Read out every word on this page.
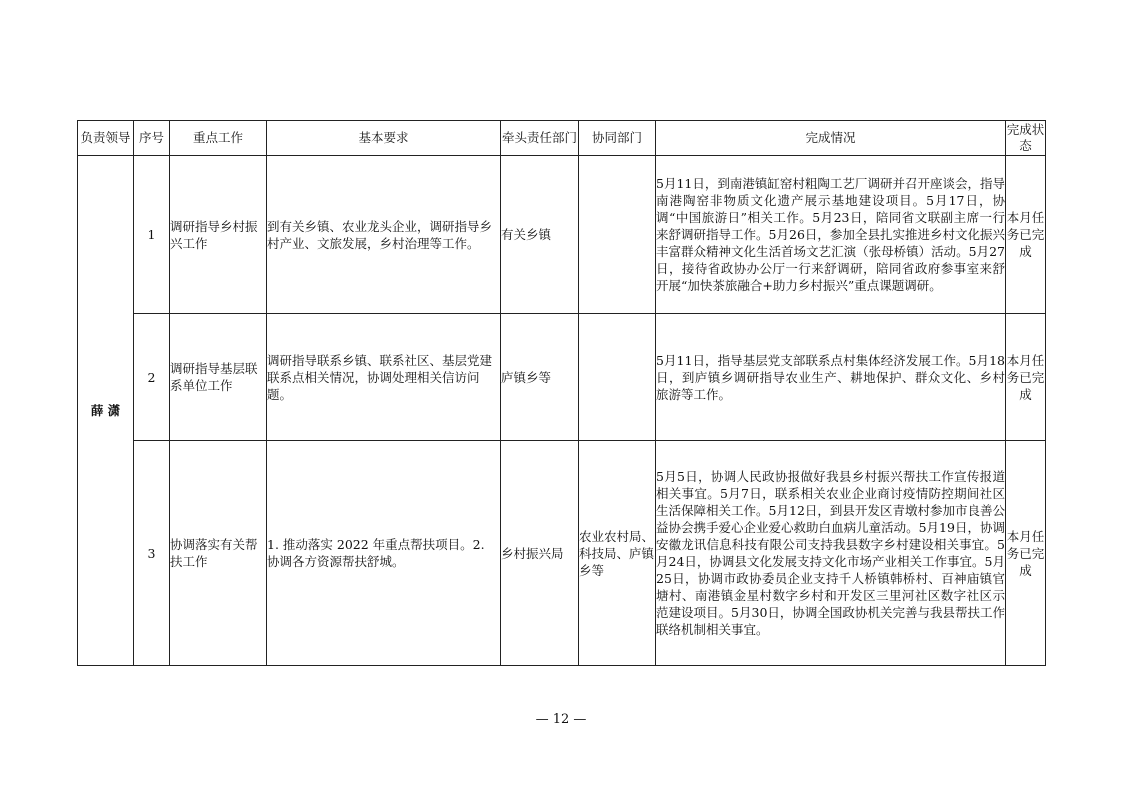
负责领导	序号	重点工作	基本要求	牵头责任部门	协同部门	完成情况	完成状态
薛 潇	1	调研指导乡村振兴工作	到有关乡镇、农业龙头企业，调研指导乡村产业、文旅发展，乡村治理等工作。	有关乡镇		5月11日，到南港镇缸窑村粗陶工艺厂调研并召开座谈会，指导南港陶窑非物质文化遗产展示基地建设项目。5月17日，协调“中国旅游日”相关工作。5月23日，陪同省文联副主席一行来舒调研指导工作。5月26日，参加全县扎实推进乡村文化振兴丰富群众精神文化生活首场文艺汇演（张母桥镇）活动。5月27日，接待省政协办公厅一行来舒调研，陪同省政府参事室来舒开展“加快茶旅融合+助力乡村振兴”重点课题调研。	本月任务已完成
	2	调研指导基层联系单位工作	调研指导联系乡镇、联系社区、基层党建联系点相关情况，协调处理相关信访问题。	庐镇乡等		5月11日，指导基层党支部联系点村集体经济发展工作。5月18日，到庐镇乡调研指导农业生产、耕地保护、群众文化、乡村旅游等工作。	本月任务已完成
	3	协调落实有关帮扶工作	1. 推动落实 2022 年重点帮扶项目。2. 协调各方资源帮扶舒城。	乡村振兴局	农业农村局、科技局、庐镇乡等	5月5日，协调人民政协报做好我县乡村振兴帮扶工作宣传报道相关事宜。5月7日，联系相关农业企业商讨疫情防控期间社区生活保障相关工作。5月12日，到县开发区青墩村参加市良善公益协会携手爱心企业爱心救助白血病儿童活动。5月19日，协调安徽龙讯信息科技有限公司支持我县数字乡村建设相关事宜。5月24日，协调县文化发展支持文化市场产业相关工作事宜。5月25日，协调市政协委员企业支持千人桥镇韩桥村、百神庙镇官塘村、南港镇金星村数字乡村和开发区三里河社区数字社区示范建设项目。5月30日，协调全国政协机关完善与我县帮扶工作联络机制相关事宜。	本月任务已完成
— 12 —
